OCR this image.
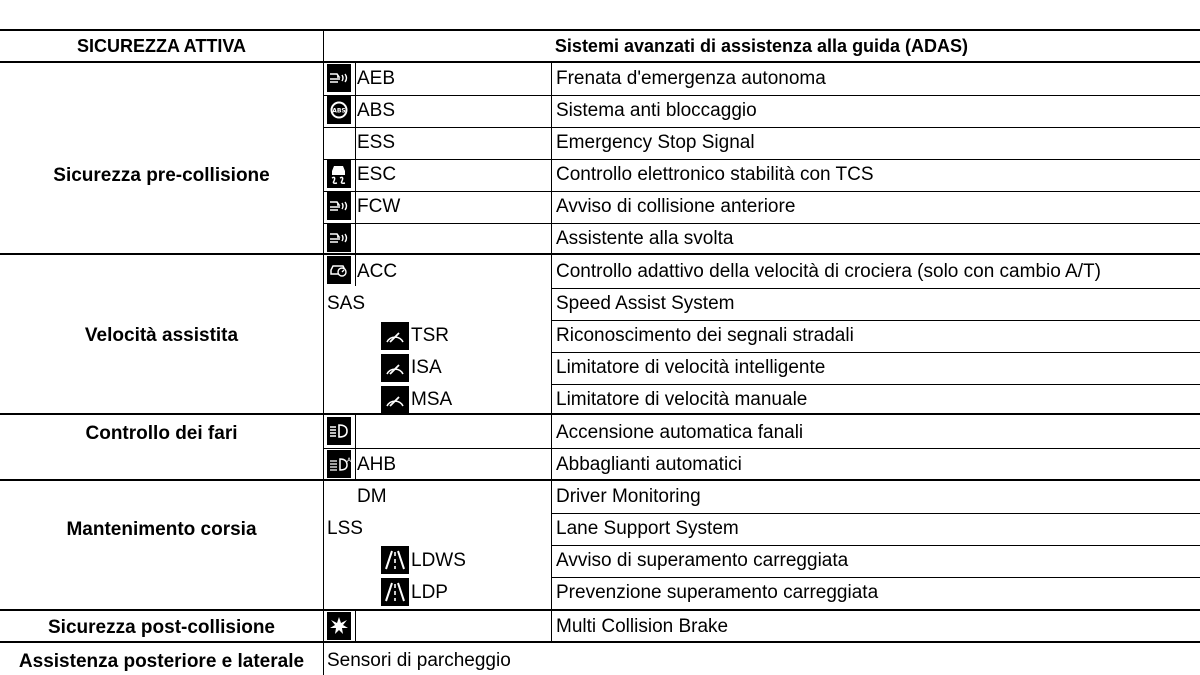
SICUREZZA ATTIVA	Sistemi avanzati di assistenza alla guida (ADAS)
Sicurezza pre-collisione
Velocità assistita
Controllo dei fari
Mantenimento corsia
Sicurezza post-collisione
Assistenza posteriore e laterale
ABS
A
AEB
ABS
ESS
ESC
FCW
ACC
SAS
TSR
ISA
MSA
AHB
DM
LSS
LDWS
LDP
Frenata d'emergenza autonoma
Sistema anti bloccaggio
Emergency Stop Signal
Controllo elettronico stabilità con TCS
Avviso di collisione anteriore
Assistente alla svolta
Controllo adattivo della velocità di crociera (solo con cambio A/T)
Speed Assist System
Riconoscimento dei segnali stradali
Limitatore di velocità intelligente
Limitatore di velocità manuale
Accensione automatica fanali
Abbaglianti automatici
Driver Monitoring
Lane Support System
Avviso di superamento carreggiata
Prevenzione superamento carreggiata
Multi Collision Brake
Sensori di parcheggio
